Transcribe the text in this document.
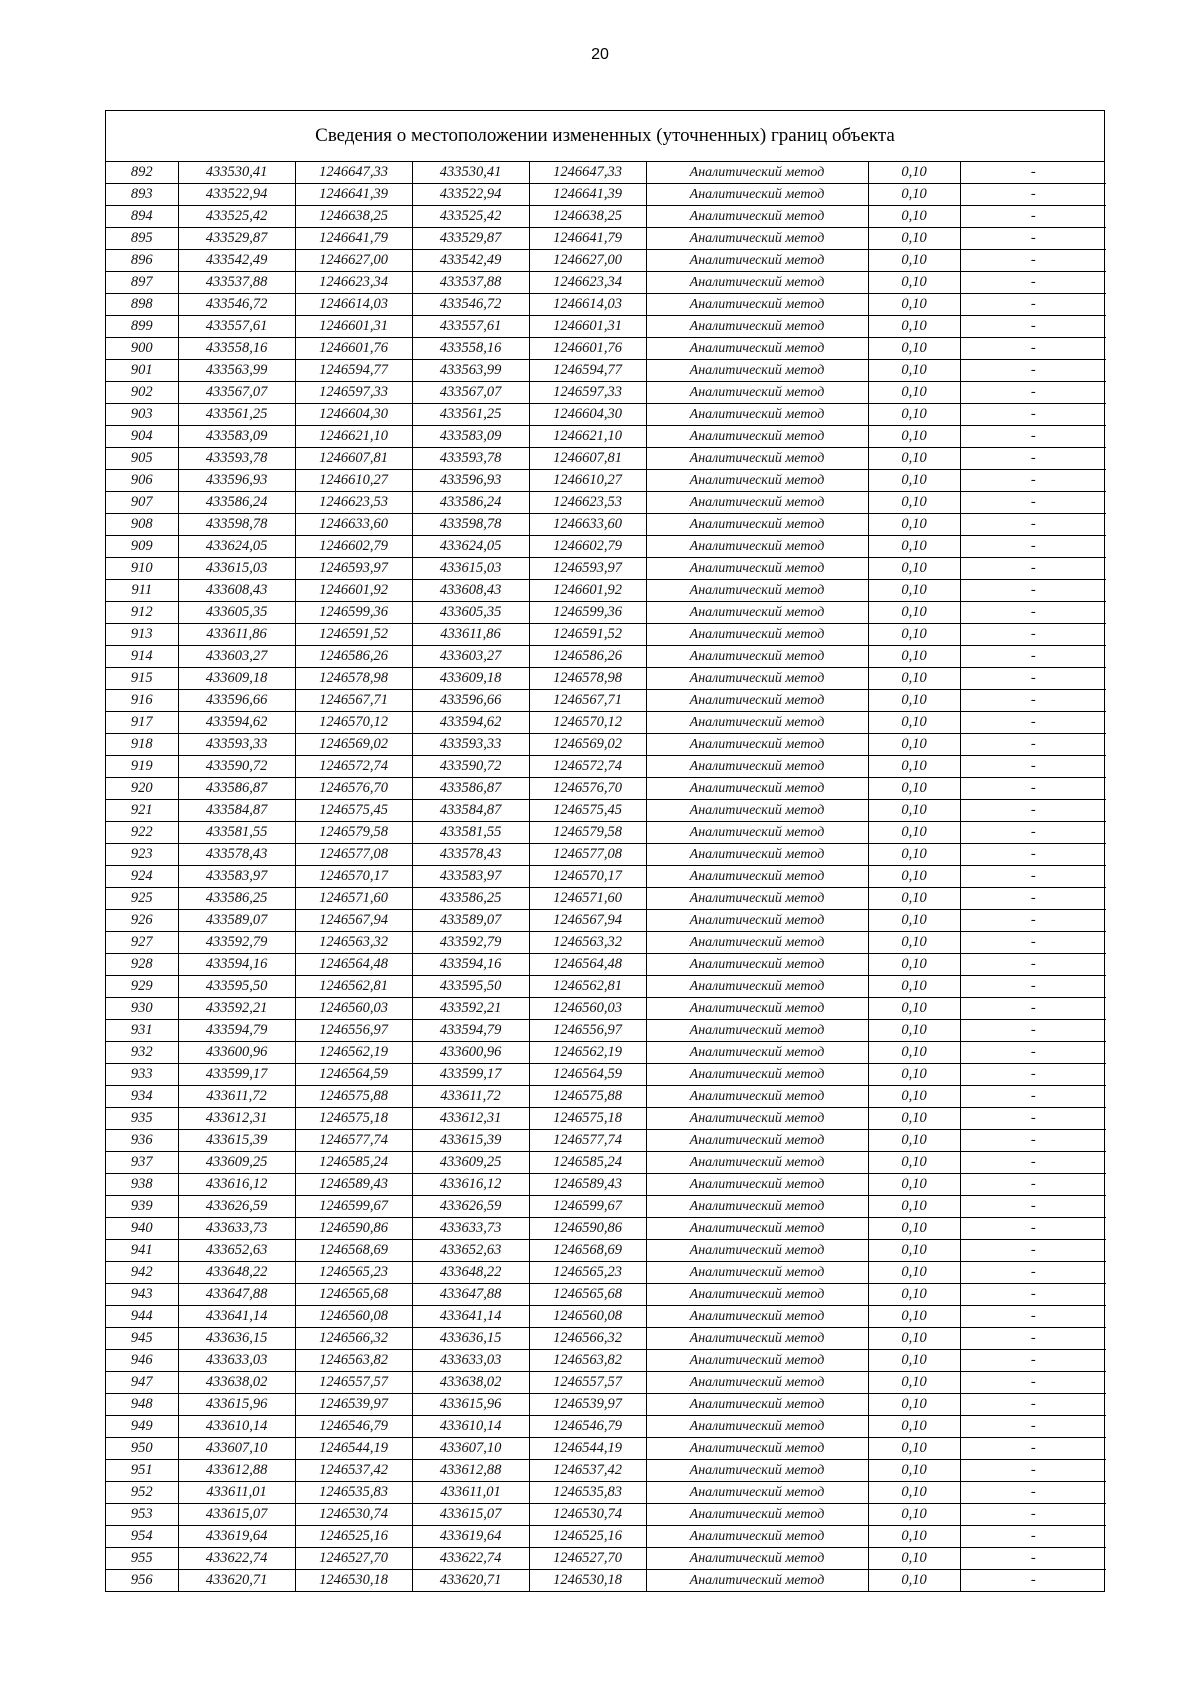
20
Сведения о местоположении измененных (уточненных) границ объекта
892	433530,41	1246647,33	433530,41	1246647,33	Аналитический метод	0,10	-
893	433522,94	1246641,39	433522,94	1246641,39	Аналитический метод	0,10	-
894	433525,42	1246638,25	433525,42	1246638,25	Аналитический метод	0,10	-
895	433529,87	1246641,79	433529,87	1246641,79	Аналитический метод	0,10	-
896	433542,49	1246627,00	433542,49	1246627,00	Аналитический метод	0,10	-
897	433537,88	1246623,34	433537,88	1246623,34	Аналитический метод	0,10	-
898	433546,72	1246614,03	433546,72	1246614,03	Аналитический метод	0,10	-
899	433557,61	1246601,31	433557,61	1246601,31	Аналитический метод	0,10	-
900	433558,16	1246601,76	433558,16	1246601,76	Аналитический метод	0,10	-
901	433563,99	1246594,77	433563,99	1246594,77	Аналитический метод	0,10	-
902	433567,07	1246597,33	433567,07	1246597,33	Аналитический метод	0,10	-
903	433561,25	1246604,30	433561,25	1246604,30	Аналитический метод	0,10	-
904	433583,09	1246621,10	433583,09	1246621,10	Аналитический метод	0,10	-
905	433593,78	1246607,81	433593,78	1246607,81	Аналитический метод	0,10	-
906	433596,93	1246610,27	433596,93	1246610,27	Аналитический метод	0,10	-
907	433586,24	1246623,53	433586,24	1246623,53	Аналитический метод	0,10	-
908	433598,78	1246633,60	433598,78	1246633,60	Аналитический метод	0,10	-
909	433624,05	1246602,79	433624,05	1246602,79	Аналитический метод	0,10	-
910	433615,03	1246593,97	433615,03	1246593,97	Аналитический метод	0,10	-
911	433608,43	1246601,92	433608,43	1246601,92	Аналитический метод	0,10	-
912	433605,35	1246599,36	433605,35	1246599,36	Аналитический метод	0,10	-
913	433611,86	1246591,52	433611,86	1246591,52	Аналитический метод	0,10	-
914	433603,27	1246586,26	433603,27	1246586,26	Аналитический метод	0,10	-
915	433609,18	1246578,98	433609,18	1246578,98	Аналитический метод	0,10	-
916	433596,66	1246567,71	433596,66	1246567,71	Аналитический метод	0,10	-
917	433594,62	1246570,12	433594,62	1246570,12	Аналитический метод	0,10	-
918	433593,33	1246569,02	433593,33	1246569,02	Аналитический метод	0,10	-
919	433590,72	1246572,74	433590,72	1246572,74	Аналитический метод	0,10	-
920	433586,87	1246576,70	433586,87	1246576,70	Аналитический метод	0,10	-
921	433584,87	1246575,45	433584,87	1246575,45	Аналитический метод	0,10	-
922	433581,55	1246579,58	433581,55	1246579,58	Аналитический метод	0,10	-
923	433578,43	1246577,08	433578,43	1246577,08	Аналитический метод	0,10	-
924	433583,97	1246570,17	433583,97	1246570,17	Аналитический метод	0,10	-
925	433586,25	1246571,60	433586,25	1246571,60	Аналитический метод	0,10	-
926	433589,07	1246567,94	433589,07	1246567,94	Аналитический метод	0,10	-
927	433592,79	1246563,32	433592,79	1246563,32	Аналитический метод	0,10	-
928	433594,16	1246564,48	433594,16	1246564,48	Аналитический метод	0,10	-
929	433595,50	1246562,81	433595,50	1246562,81	Аналитический метод	0,10	-
930	433592,21	1246560,03	433592,21	1246560,03	Аналитический метод	0,10	-
931	433594,79	1246556,97	433594,79	1246556,97	Аналитический метод	0,10	-
932	433600,96	1246562,19	433600,96	1246562,19	Аналитический метод	0,10	-
933	433599,17	1246564,59	433599,17	1246564,59	Аналитический метод	0,10	-
934	433611,72	1246575,88	433611,72	1246575,88	Аналитический метод	0,10	-
935	433612,31	1246575,18	433612,31	1246575,18	Аналитический метод	0,10	-
936	433615,39	1246577,74	433615,39	1246577,74	Аналитический метод	0,10	-
937	433609,25	1246585,24	433609,25	1246585,24	Аналитический метод	0,10	-
938	433616,12	1246589,43	433616,12	1246589,43	Аналитический метод	0,10	-
939	433626,59	1246599,67	433626,59	1246599,67	Аналитический метод	0,10	-
940	433633,73	1246590,86	433633,73	1246590,86	Аналитический метод	0,10	-
941	433652,63	1246568,69	433652,63	1246568,69	Аналитический метод	0,10	-
942	433648,22	1246565,23	433648,22	1246565,23	Аналитический метод	0,10	-
943	433647,88	1246565,68	433647,88	1246565,68	Аналитический метод	0,10	-
944	433641,14	1246560,08	433641,14	1246560,08	Аналитический метод	0,10	-
945	433636,15	1246566,32	433636,15	1246566,32	Аналитический метод	0,10	-
946	433633,03	1246563,82	433633,03	1246563,82	Аналитический метод	0,10	-
947	433638,02	1246557,57	433638,02	1246557,57	Аналитический метод	0,10	-
948	433615,96	1246539,97	433615,96	1246539,97	Аналитический метод	0,10	-
949	433610,14	1246546,79	433610,14	1246546,79	Аналитический метод	0,10	-
950	433607,10	1246544,19	433607,10	1246544,19	Аналитический метод	0,10	-
951	433612,88	1246537,42	433612,88	1246537,42	Аналитический метод	0,10	-
952	433611,01	1246535,83	433611,01	1246535,83	Аналитический метод	0,10	-
953	433615,07	1246530,74	433615,07	1246530,74	Аналитический метод	0,10	-
954	433619,64	1246525,16	433619,64	1246525,16	Аналитический метод	0,10	-
955	433622,74	1246527,70	433622,74	1246527,70	Аналитический метод	0,10	-
956	433620,71	1246530,18	433620,71	1246530,18	Аналитический метод	0,10	-
